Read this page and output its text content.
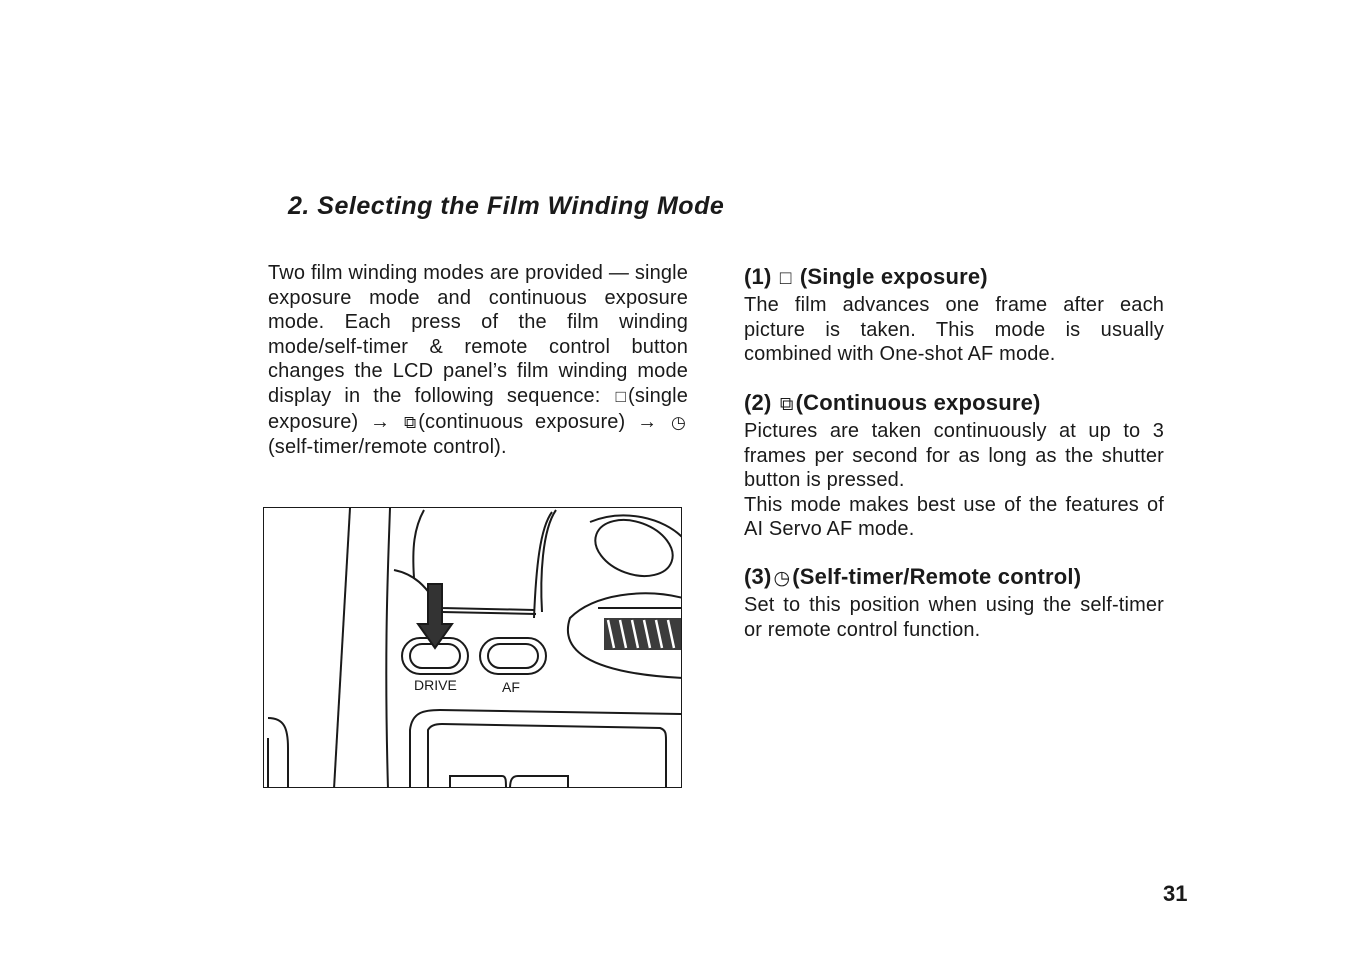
2. Selecting the Film Winding Mode

Two film winding modes are provided — single exposure mode and continuous exposure mode. Each press of the film winding mode/self-timer & remote control button changes the LCD panel’s film winding mode display in the following sequence: □ (single exposure) → ⧉ (continuous exposure) → ◷(self-timer/remote control).

(1) □ (Single exposure)

The film advances one frame after each picture is taken. This mode is usually combined with One-shot AF mode.

(2) ⧉(Continuous exposure)

Pictures are taken continuously at up to 3 frames per second for as long as the shutter button is pressed.

This mode makes best use of the features of AI Servo AF mode.

(3) ◷(Self-timer/Remote control)

Set to this position when using the self-timer or remote control function.

DRIVE	AF

31
